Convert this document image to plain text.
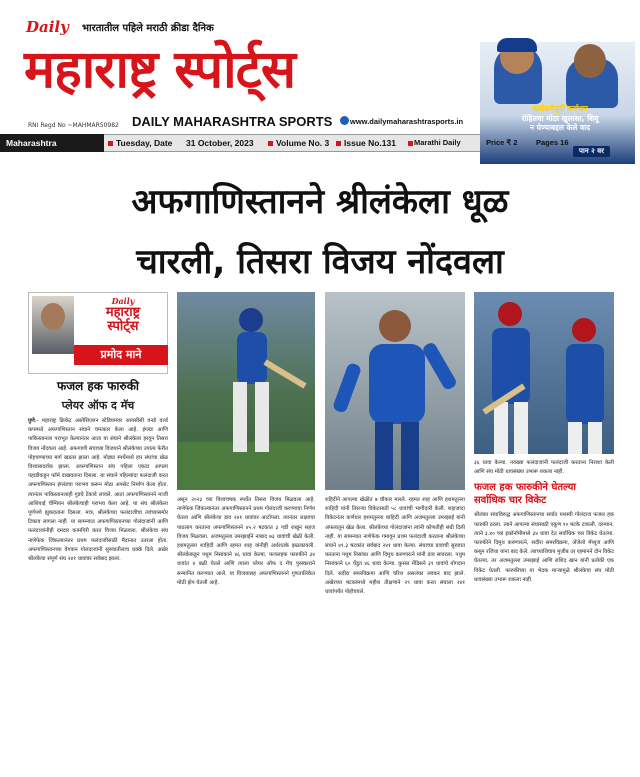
Daily भारतातील पहिले मराठी क्रीडा दैनिक
महाराष्ट्र स्पोर्ट्स
RNI Regd No ~MAHMAR50982 DAILY MAHARASHTRA SPORTS www.dailymaharashtrasports.in
वर्ल्डकपेपूर्वी कर्णधार
रोहितचा मोठा खुलासा, शिवू
न घेण्याबद्दल केले वाद
पान २ वर
Maharashtra	Tuesday, Date 31 October, 2023	Volume No. 3 Issue No.131 Marathi Daily	Price ₹ 2 Pages 16
अफगाणिस्तानने श्रीलंकेला धूळ
चारली, तिसरा विजय नोंदवला
Daily
महाराष्ट्र
स्पोर्ट्स
प्रमोद माने
फजल हक फारुकी
प्लेयर ऑफ द मॅच
पुणे:- महाराष्ट्र क्रिकेट असोसिएशन स्टेडियमवर आयसीसी वनडे वर्ल्ड कपमध्ये अफगाणिस्तान संघाने चमत्कार केला आहे. इंग्लंड आणि पाकिस्तानला पराभूत केल्यानंतर आता या संघाने श्रीलंकेला हरवून तिसरा विजय नोंदवला आहे. अफगाणी संघाच्या विजयाने श्रीलंकेच्या उपांत्य फेरीत पोहचण्याच्या मार्ग खडतर झाला आहे. मोठ्या स्पर्धेमध्ये हार संघांचा खेळ विश्वासदर्शक झाला. अफगाणिस्तान संघ पहिला एकदा आपला पहाडीकडून फॉर्म दाखवताना दिसला. या संघाने पहिल्यांदा फलंदाजी करत अफगाणिस्तान इंग्लंडचा पराभव करून मोठा अपसेट निर्माण केला होता. त्यानंतर पाकिस्तानलाही गुडघे टेकावे लावले. आता अफगाणिस्तानने माजी आशियाई चॅम्पियन श्रीलंकेचाही पराभव केला आहे. या संघ श्रीलंकेला पूर्णपणे झुकवताना दिसला. मात्र, श्रीलंकेच्या फलंदाजीचा त्यांच्यासमोर टिकाव लागला नाही. या सामन्यात अफगाणिस्तानच्या गोलंदाजांनी आणि फलंदाजांनीही दमदार कामगिरी करत विजय मिळवला. श्रीलंकेचा संघ नाणेफेक जिंकल्यानंतर प्रथम फलंदाजीसाठी मैदानात उतरला होता. अफगाणिस्तानच्या वेगवान गोलंदाजांनी सुरुवातीलाच धक्के दिले. अखेर श्रीलंकेचा संपूर्ण संघ २४१ धावांवर सर्वबाद झाला.
असून २०२३ च्या विश्वचषक स्पर्धेत तिसरा विजय मिळवला आहे. नाणेफेक जिंकल्यानंतर अफगाणिस्तानने प्रथम गोलंदाजी करण्याचा निर्णय घेतला आणि श्रीलंकेचा डाव २४१ धावांवर आटोपला. त्यानंतर लक्ष्याचा पाठलाग करताना अफगाणिस्तानने ४५.२ षटकात ३ गडी राखून सहज विजय मिळवला. अजमतुल्ला उमरझाईने नाबाद ७३ धावांची खेळी केली. हशमतुल्ला शाहिदी आणि रहमत शाह यांनीही अर्धशतके झळकावली. श्रीलंकेकडून पथुम निसांकाने ४६ धावा केल्या. फजलहक फारुकीने ३४ धावांत ४ बळी घेतले आणि त्याला प्लेयर ऑफ द मॅच पुरस्काराने सन्मानित करण्यात आले. या विजयासह अफगाणिस्तानने गुणतालिकेत मोठी झेप घेतली आहे.
शहिदीने आपल्या खेळीत ७ चौकार मारले. रहमत शाह आणि हशमतुल्ला शाहिदी यांनी तिसऱ्या विकेटसाठी ५८ धावांची भागीदारी केली. शहाजादा विकेटनंतर कर्णधार हशमतुल्ला शाहिदी आणि अजमतुल्ला उमरझाई यांनी अफलातून खेळ केला. श्रीलंकेच्या गोलंदाजांना त्यांनी कोणतीही संधी दिली नाही. या सामन्यात नाणेफेक गमावून प्रथम फलंदाजी करताना श्रीलंकेच्या संघाने ४९.३ षटकांत सर्वबाद २४१ धावा केल्या. संघाच्या डावाची सुरुवात करताना पथुम निसांका आणि दिमुथ करुणारत्ने यांनी डाव सावरला. पथुम निसांकाने ६० चेंडूत ४६ धावा केल्या. कुसल मेंडिसने ३९ धावांचे योगदान दिले. सदीरा समरविक्रमा आणि चरिथ असलंका लवकर बाद झाले. अखेरच्या षटकांमध्ये महीश तीक्षणाने २९ धावा करत संघाला २४१ धावांपर्यंत पोहोचवले.
३६ धावा केल्या. नवख्या फलंदाजांनी फलंदाजी करताना निराशा केली आणि संघ मोठी धावसंख्या उभारू शकला नाही.
फजल हक फारुकीने घेतल्या
सर्वाधिक चार विकेट
श्रीलंका संघाविरुद्ध अफगाणिस्तानचा सर्वात यशस्वी गोलंदाज फजल हक फारुकी ठरला. त्याने आपल्या संघासाठी एकूण १० षटके टाकली. दरम्यान, त्याने ३.४० च्या इकॉनॉमीमध्ये ३४ धावा देत सर्वाधिक चार विकेट घेतल्या. फारुकीने दिमुथ करुणारत्ने, सदीरा समरविक्रमा, अँजेलो मॅथ्यूज आणि कसून रजिथा यांना बाद केले. त्याच्याशिवाय मुजीब उर रहमानने दोन विकेट घेतल्या, तर अजमतुल्ला उमरझाई आणि राशिद खान यांनी प्रत्येकी एक विकेट घेतली. फारुकीच्या या भेदक माऱ्यामुळे श्रीलंकेचा संघ मोठी धावसंख्या उभारू शकला नाही.
